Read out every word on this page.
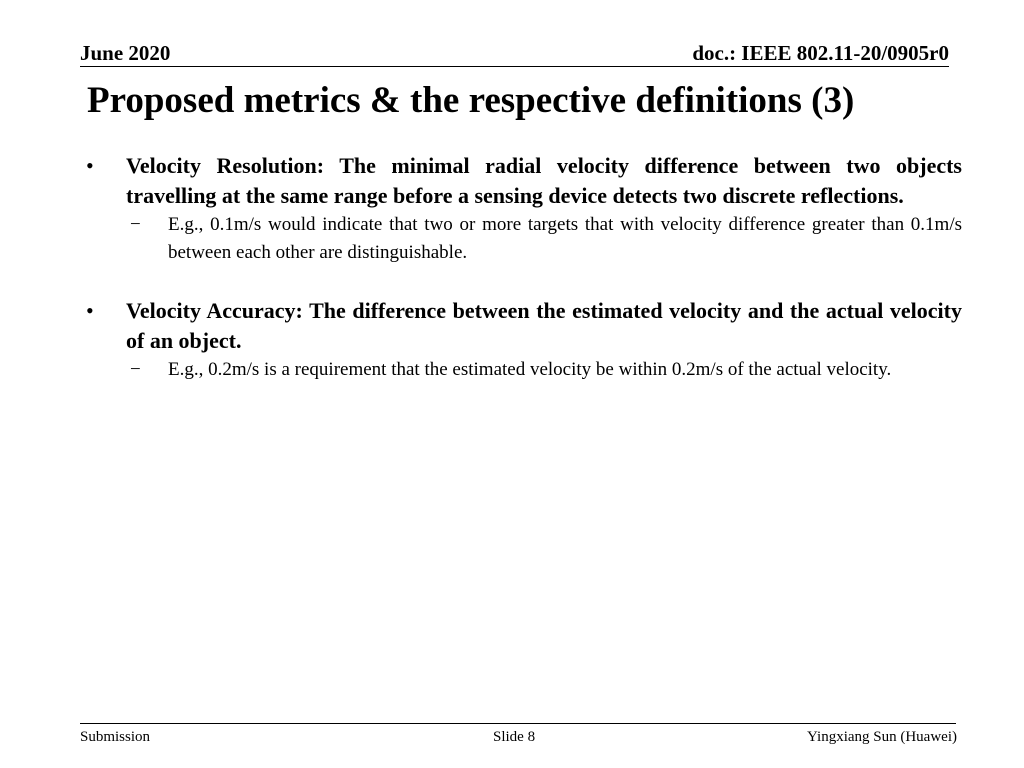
June 2020	doc.: IEEE 802.11-20/0905r0
Proposed metrics & the respective definitions (3)
• Velocity Resolution: The minimal radial velocity difference between two objects travelling at the same range before a sensing device detects two discrete reflections.
− E.g., 0.1m/s would indicate that two or more targets that with velocity difference greater than 0.1m/s between each other are distinguishable.
• Velocity Accuracy: The difference between the estimated velocity and the actual velocity of an object.
− E.g., 0.2m/s is a requirement that the estimated velocity be within 0.2m/s of the actual velocity.
Submission	Slide 8	Yingxiang Sun (Huawei)
